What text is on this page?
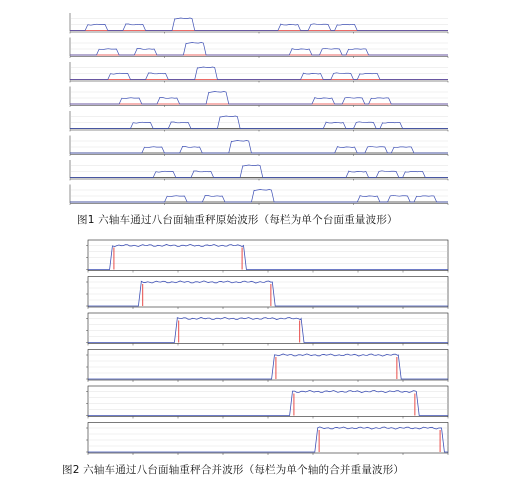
图1 六轴车通过八台面轴重秤原始波形（每栏为单个台面重量波形）
图2 六轴车通过八台面轴重秤合并波形（每栏为单个轴的合并重量波形）
